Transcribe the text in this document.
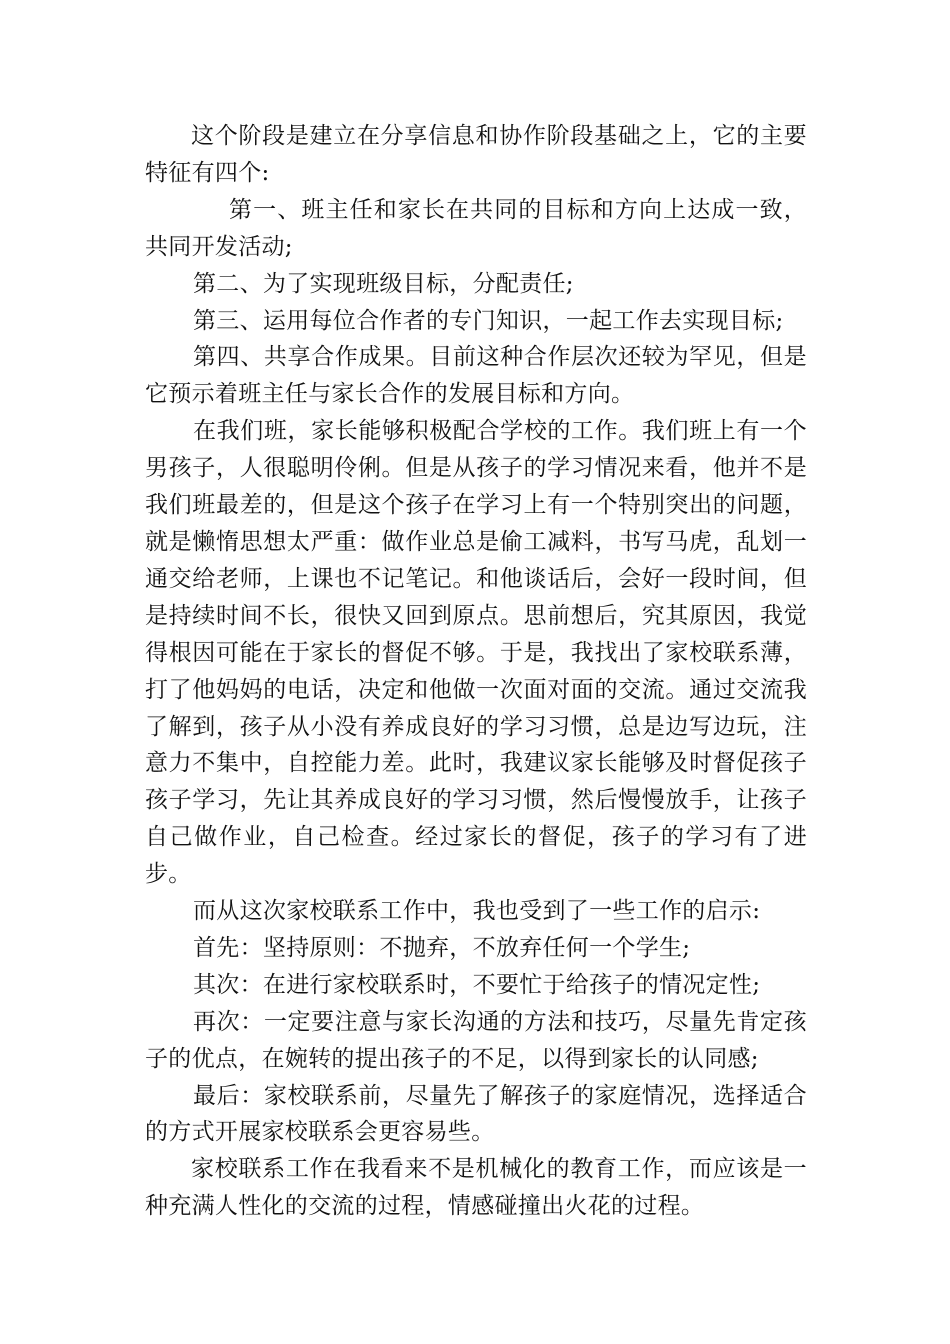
这个阶段是建立在分享信息和协作阶段基础之上，它的主要特征有四个:

第一、班主任和家长在共同的目标和方向上达成一致，共同开发活动;

第二、为了实现班级目标，分配责任;

第三、运用每位合作者的专门知识，一起工作去实现目标;

第四、共享合作成果。目前这种合作层次还较为罕见，但是它预示着班主任与家长合作的发展目标和方向。

在我们班，家长能够积极配合学校的工作。我们班上有一个男孩子，人很聪明伶俐。但是从孩子的学习情况来看，他并不是我们班最差的，但是这个孩子在学习上有一个特别突出的问题，就是懒惰思想太严重：做作业总是偷工减料，书写马虎，乱划一通交给老师，上课也不记笔记。和他谈话后，会好一段时间，但是持续时间不长，很快又回到原点。思前想后，究其原因，我觉得根因可能在于家长的督促不够。于是，我找出了家校联系薄，打了他妈妈的电话，决定和他做一次面对面的交流。通过交流我了解到，孩子从小没有养成良好的学习习惯，总是边写边玩，注意力不集中，自控能力差。此时，我建议家长能够及时督促孩子孩子学习，先让其养成良好的学习习惯，然后慢慢放手，让孩子自己做作业，自己检查。经过家长的督促，孩子的学习有了进步。

而从这次家校联系工作中，我也受到了一些工作的启示:

首先：坚持原则：不抛弃，不放弃任何一个学生;

其次：在进行家校联系时，不要忙于给孩子的情况定性;

再次：一定要注意与家长沟通的方法和技巧，尽量先肯定孩子的优点，在婉转的提出孩子的不足，以得到家长的认同感;

最后：家校联系前，尽量先了解孩子的家庭情况，选择适合的方式开展家校联系会更容易些。

家校联系工作在我看来不是机械化的教育工作，而应该是一种充满人性化的交流的过程，情感碰撞出火花的过程。
